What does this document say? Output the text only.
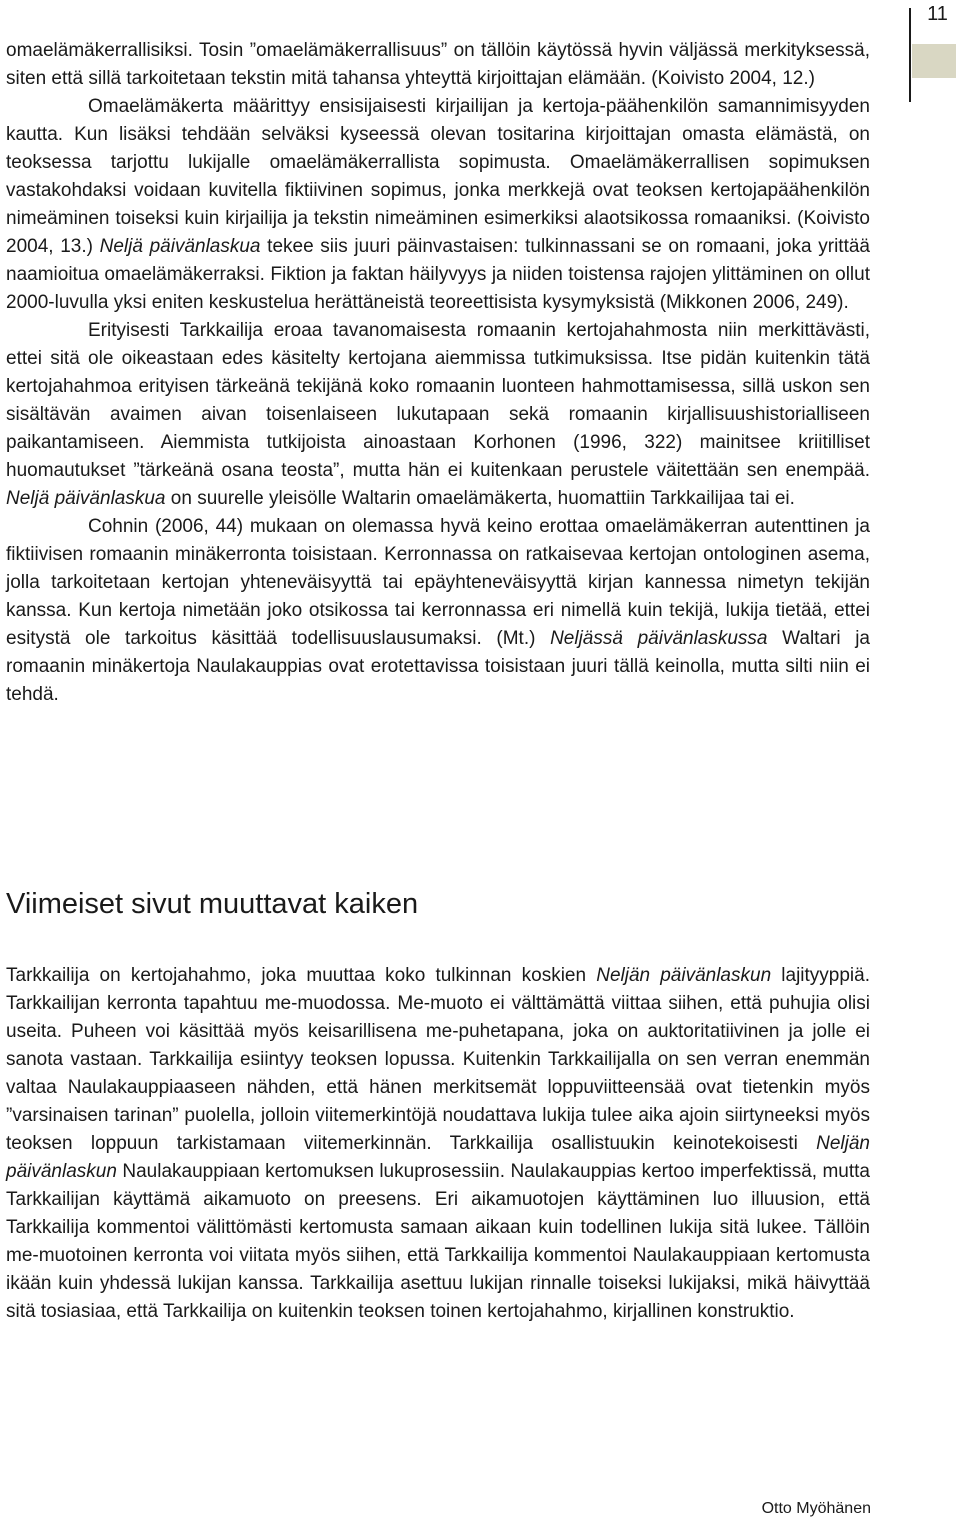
11

omaelämäkerrallisiksi. Tosin ”omaelämäkerrallisuus” on tällöin käytössä hyvin väljässä merkityksessä, siten että sillä tarkoitetaan tekstin mitä tahansa yhteyttä kirjoittajan elämään. (Koivisto 2004, 12.)

Omaelämäkerta määrittyy ensisijaisesti kirjailijan ja kertoja-päähenkilön samannimisyyden kautta. Kun lisäksi tehdään selväksi kyseessä olevan tositarina kirjoittajan omasta elämästä, on teoksessa tarjottu lukijalle omaelämäkerrallista sopimusta. Omaelämäkerrallisen sopimuksen vastakohdaksi voidaan kuvitella fiktiivinen sopimus, jonka merkkejä ovat teoksen kertojapäähenkilön nimeäminen toiseksi kuin kirjailija ja tekstin nimeäminen esimerkiksi alaotsikossa romaaniksi. (Koivisto 2004, 13.) Neljä päivänlaskua tekee siis juuri päinvastaisen: tulkinnassani se on romaani, joka yrittää naamioitua omaelämäkerraksi. Fiktion ja faktan häilyvyys ja niiden toistensa rajojen ylittäminen on ollut 2000-luvulla yksi eniten keskustelua herättäneistä teoreettisista kysymyksistä (Mikkonen 2006, 249).

Erityisesti Tarkkailija eroaa tavanomaisesta romaanin kertojahahmosta niin merkittävästi, ettei sitä ole oikeastaan edes käsitelty kertojana aiemmissa tutkimuksissa. Itse pidän kuitenkin tätä kertojahahmoa erityisen tärkeänä tekijänä koko romaanin luonteen hahmottamisessa, sillä uskon sen sisältävän avaimen aivan toisenlaiseen lukutapaan sekä romaanin kirjallisuushistorialliseen paikantamiseen. Aiemmista tutkijoista ainoastaan Korhonen (1996, 322) mainitsee kriitilliset huomautukset ”tärkeänä osana teosta”, mutta hän ei kuitenkaan perustele väitettään sen enempää. Neljä päivänlaskua on suurelle yleisölle Waltarin omaelämäkerta, huomattiin Tarkkailijaa tai ei.

Cohnin (2006, 44) mukaan on olemassa hyvä keino erottaa omaelämäkerran autenttinen ja fiktiivisen romaanin minäkerronta toisistaan. Kerronnassa on ratkaisevaa kertojan ontologinen asema, jolla tarkoitetaan kertojan yhteneväisyyttä tai epäyhteneväisyyttä kirjan kannessa nimetyn tekijän kanssa. Kun kertoja nimetään joko otsikossa tai kerronnassa eri nimellä kuin tekijä, lukija tietää, ettei esitystä ole tarkoitus käsittää todellisuuslausumaksi. (Mt.) Neljässä päivänlaskussa Waltari ja romaanin minäkertoja Naulakauppias ovat erotettavissa toisistaan juuri tällä keinolla, mutta silti niin ei tehdä.

Viimeiset sivut muuttavat kaiken

Tarkkailija on kertojahahmo, joka muuttaa koko tulkinnan koskien Neljän päivänlaskun lajityyppiä. Tarkkailijan kerronta tapahtuu me-muodossa. Me-muoto ei välttämättä viittaa siihen, että puhujia olisi useita. Puheen voi käsittää myös keisarillisena me-puhetapana, joka on auktoritatiivinen ja jolle ei sanota vastaan. Tarkkailija esiintyy teoksen lopussa. Kuitenkin Tarkkailijalla on sen verran enemmän valtaa Naulakauppiaaseen nähden, että hänen merkitsemät loppuviitteensää ovat tietenkin myös ”varsinaisen tarinan” puolella, jolloin viitemerkintöjä noudattava lukija tulee aika ajoin siirtyneeksi myös teoksen loppuun tarkistamaan viitemerkinnän. Tarkkailija osallistuukin keinotekoisesti Neljän päivänlaskun Naulakauppiaan kertomuksen lukuprosessiin. Naulakauppias kertoo imperfektissä, mutta Tarkkailijan käyttämä aikamuoto on preesens. Eri aikamuotojen käyttäminen luo illuusion, että Tarkkailija kommentoi välittömästi kertomusta samaan aikaan kuin todellinen lukija sitä lukee. Tällöin me-muotoinen kerronta voi viitata myös siihen, että Tarkkailija kommentoi Naulakauppiaan kertomusta ikään kuin yhdessä lukijan kanssa. Tarkkailija asettuu lukijan rinnalle toiseksi lukijaksi, mikä häivyttää sitä tosiasiaa, että Tarkkailija on kuitenkin teoksen toinen kertojahahmo, kirjallinen konstruktio.

Otto Myöhänen
